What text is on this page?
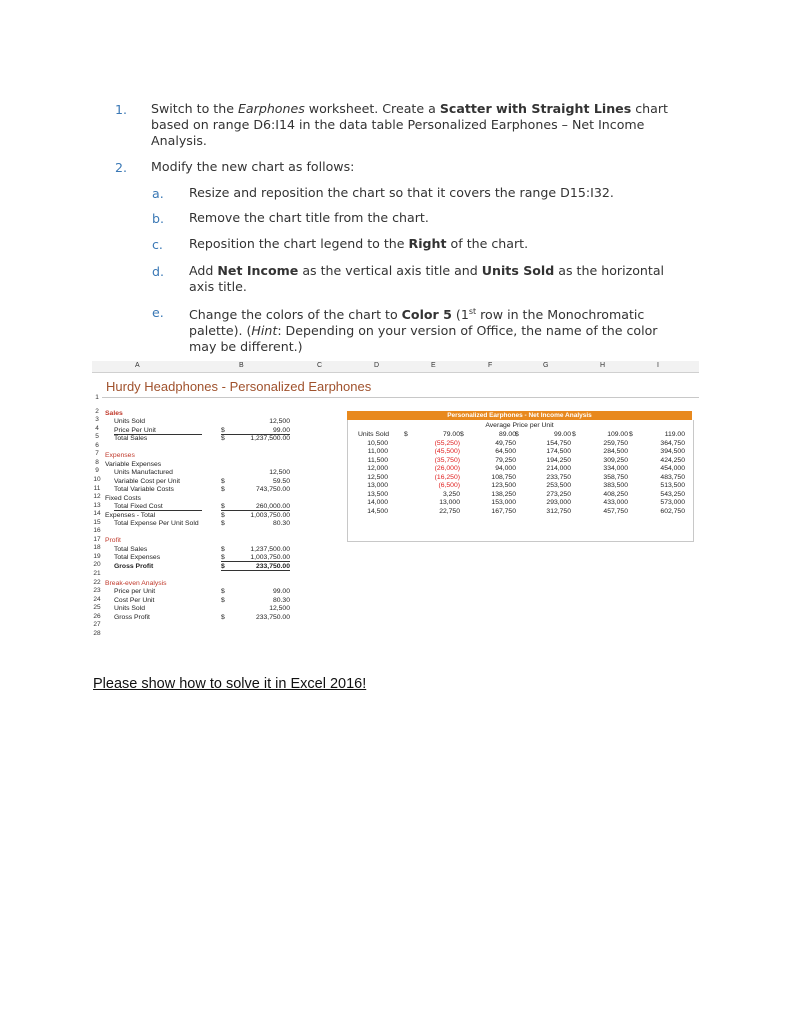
1. Switch to the Earphones worksheet. Create a Scatter with Straight Lines chart
based on range D6:I14 in the data table Personalized Earphones – Net Income
Analysis.
2. Modify the new chart as follows:
a. Resize and reposition the chart so that it covers the range D15:I32.
b. Remove the chart title from the chart.
c. Reposition the chart legend to the Right of the chart.
d. Add Net Income as the vertical axis title and Units Sold as the horizontal
axis title.
e. Change the colors of the chart to Color 5 (1st row in the Monochromatic
palette). (Hint: Depending on your version of Office, the name of the color
may be different.)
A	B	C	D	E	F	G	H	I
1
2
3
4
5
6
7
8
9
10
11
12
13
14
15
16
17
18
19
20
21
22
23
24
25
26
27
28
Hurdy Headphones - Personalized Earphones
Sales
Units Sold	12,500
Price Per Unit	$	99.00
Total Sales	$	1,237,500.00
Expenses
Variable Expenses
Units Manufactured	12,500
Variable Cost per Unit	$	59.50
Total Variable Costs	$	743,750.00
Fixed Costs
Total Fixed Cost	$	260,000.00
Expenses - Total	$	1,003,750.00
Total Expense Per Unit Sold	$	80.30
Profit
Total Sales	$	1,237,500.00
Total Expenses	$	1,003,750.00
Gross Profit	$	233,750.00
Break-even Analysis
Price per Unit	$	99.00
Cost Per Unit	$	80.30
Units Sold	12,500
Gross Profit	$	233,750.00
Personalized Earphones - Net Income Analysis
Average Price per Unit
Units Sold $	79.00 $	89.00 $	99.00 $	109.00 $	119.00
10,500	(55,250)	49,750	154,750	259,750	364,750
11,000	(45,500)	64,500	174,500	284,500	394,500
11,500	(35,750)	79,250	194,250	309,250	424,250
12,000	(26,000)	94,000	214,000	334,000	454,000
12,500	(16,250)	108,750	233,750	358,750	483,750
13,000	(6,500)	123,500	253,500	383,500	513,500
13,500	3,250	138,250	273,250	408,250	543,250
14,000	13,000	153,000	293,000	433,000	573,000
14,500	22,750	167,750	312,750	457,750	602,750
Please show how to solve it in Excel 2016!
